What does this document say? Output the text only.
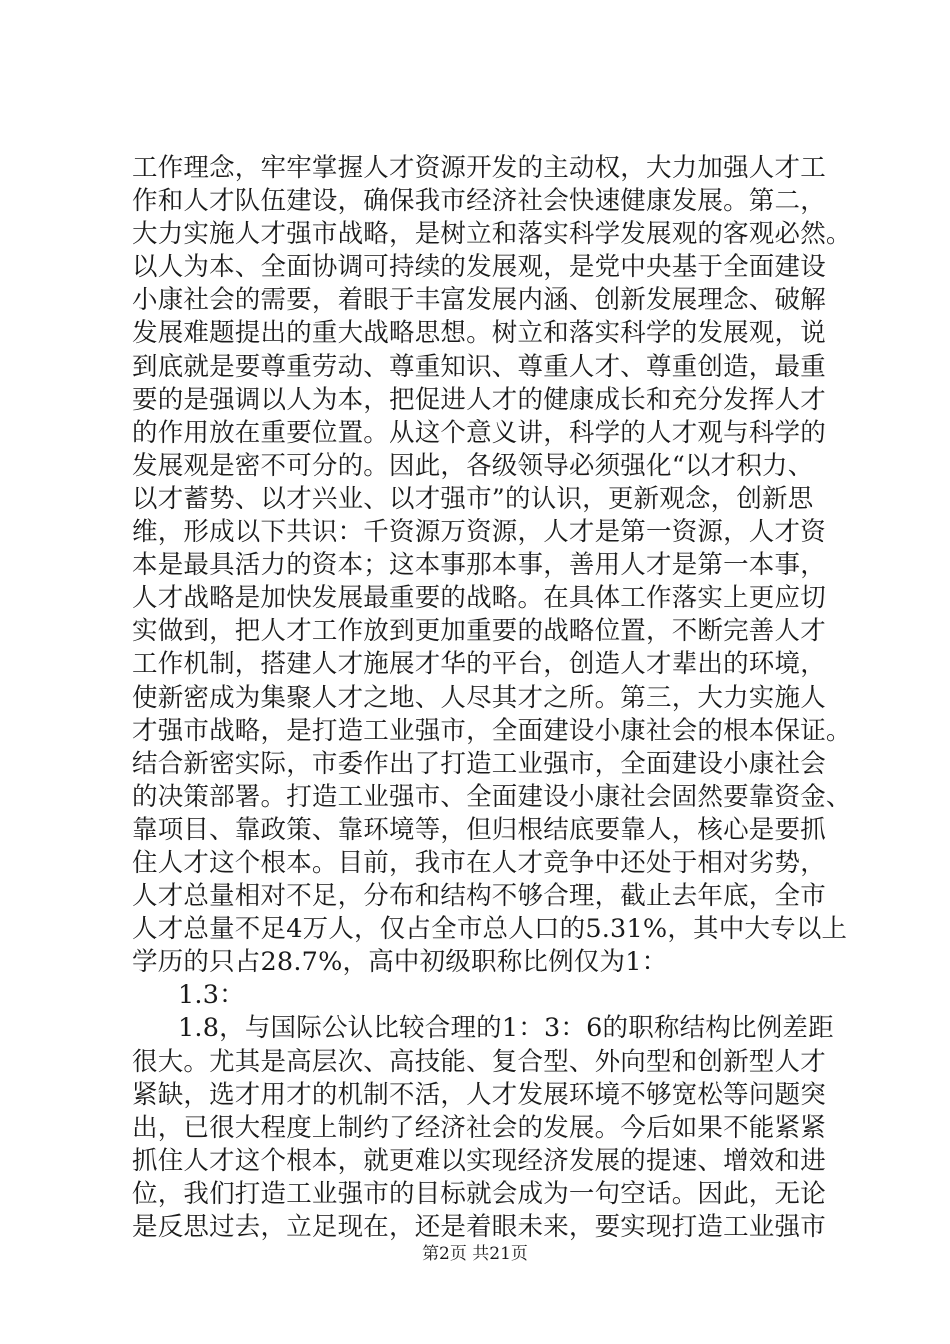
工作理念，牢牢掌握人才资源开发的主动权，大力加强人才工
作和人才队伍建设，确保我市经济社会快速健康发展。第二，
大力实施人才强市战略，是树立和落实科学发展观的客观必然。
以人为本、全面协调可持续的发展观，是党中央基于全面建设
小康社会的需要，着眼于丰富发展内涵、创新发展理念、破解
发展难题提出的重大战略思想。树立和落实科学的发展观，说
到底就是要尊重劳动、尊重知识、尊重人才、尊重创造，最重
要的是强调以人为本，把促进人才的健康成长和充分发挥人才
的作用放在重要位置。从这个意义讲，科学的人才观与科学的
发展观是密不可分的。因此，各级领导必须强化“以才积力、
以才蓄势、以才兴业、以才强市”的认识，更新观念，创新思
维，形成以下共识：千资源万资源，人才是第一资源，人才资
本是最具活力的资本；这本事那本事，善用人才是第一本事，
人才战略是加快发展最重要的战略。在具体工作落实上更应切
实做到，把人才工作放到更加重要的战略位置，不断完善人才
工作机制，搭建人才施展才华的平台，创造人才辈出的环境，
使新密成为集聚人才之地、人尽其才之所。第三，大力实施人
才强市战略，是打造工业强市，全面建设小康社会的根本保证。
结合新密实际，市委作出了打造工业强市，全面建设小康社会
的决策部署。打造工业强市、全面建设小康社会固然要靠资金、
靠项目、靠政策、靠环境等，但归根结底要靠人，核心是要抓
住人才这个根本。目前，我市在人才竞争中还处于相对劣势，
人才总量相对不足，分布和结构不够合理，截止去年底，全市
人才总量不足4万人，仅占全市总人口的5.31%，其中大专以上
学历的只占28.7%，高中初级职称比例仅为1：
1.3：
1.8，与国际公认比较合理的1：3：6的职称结构比例差距
很大。尤其是高层次、高技能、复合型、外向型和创新型人才
紧缺，选才用才的机制不活，人才发展环境不够宽松等问题突
出，已很大程度上制约了经济社会的发展。今后如果不能紧紧
抓住人才这个根本，就更难以实现经济发展的提速、增效和进
位，我们打造工业强市的目标就会成为一句空话。因此，无论
是反思过去，立足现在，还是着眼未来，要实现打造工业强市
第2页 共21页
